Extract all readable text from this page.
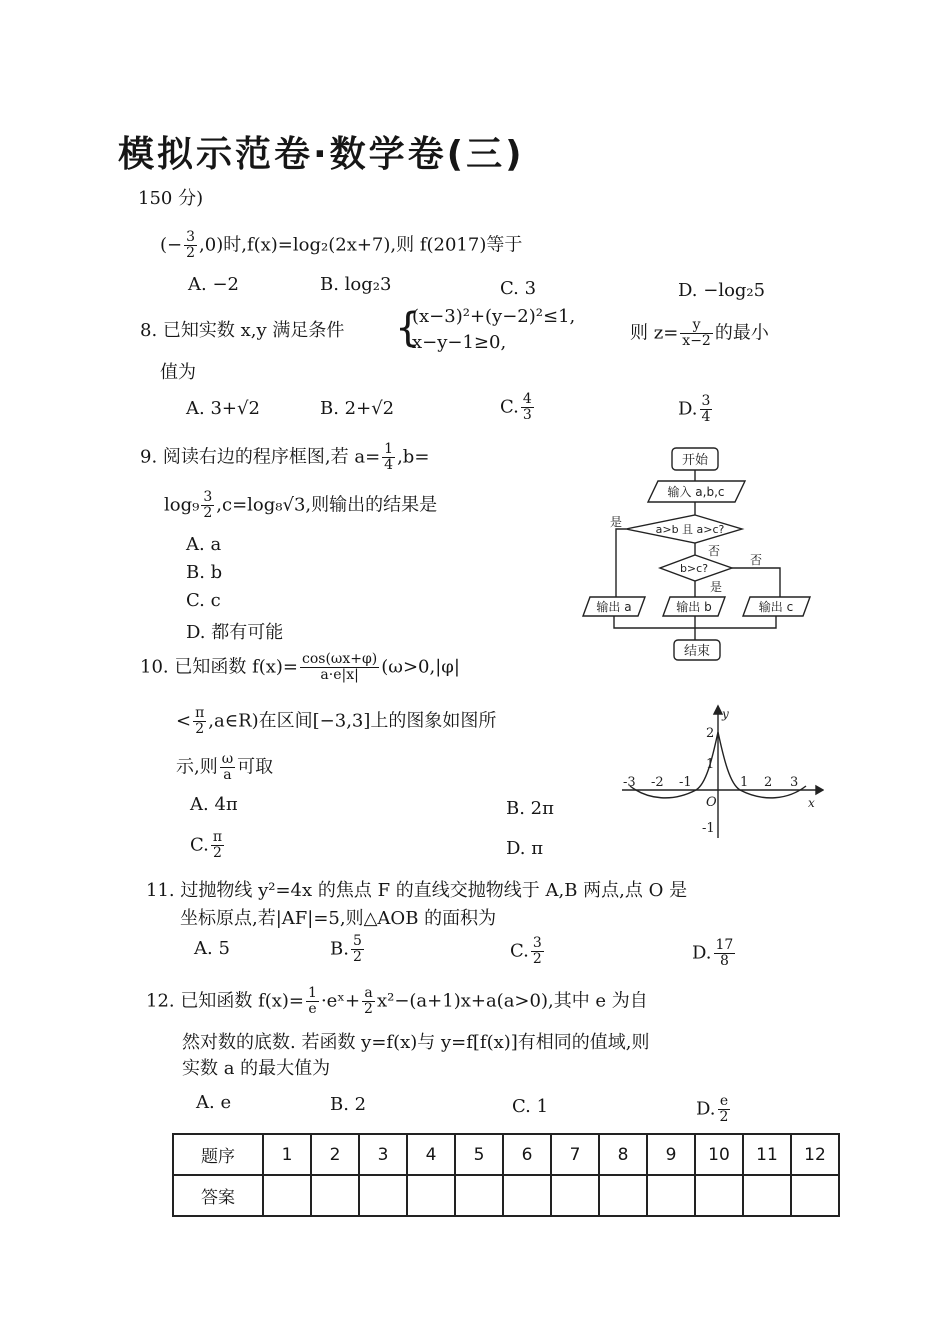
模拟示范卷·数学卷(三)
150 分)
(− $\frac{3}{2} ,0$)时,f(x)=log₂(2x+7),则 f(2017)等于
A. −2	B. log₂3	C. 3	D. −log₂5
8. 已知实数 x,y 满足条件 {
(x−3)²+(y−2)²≤1,
x−y−1≥0,	则 $z= \frac{y}{x-2}$ 的最小
值为
A. 3+√2	B. 2+√2	C. $\frac{4}{3}$	D. $\frac{3}{4}$
9. 阅读右边的程序框图,若 $a= \frac{1}{4} ,b=$
$\log_9 \frac{3}{2} ,c=\log_8√3$,则输出的结果是
A. a
B. b
C. c
D. 都有可能
开始
输入 a,b,c
a>b 且 a>c?
是
否
b>c?
是
否
输出 a	输出 b	输出 c
结束
10. 已知函数 $f(x)= \frac{\cos(\omega x+\varphi)}{a\cdot e|x|} (\omega>0,|\varphi|$
< $\frac{\pi}{2}$ ,a∈R)在区间[−3,3]上的图象如图所
示,则 $\frac{\omega}{a}$ 可取
A. 4π	B. 2π
C. $\frac{\pi}{2}$	D. π
y
x
2
1
-1
-3 -2 -1	1 2 3
O
11. 过抛物线 y²=4x 的焦点 F 的直线交抛物线于 A,B 两点,点 O 是
坐标原点,若|AF|=5,则△AOB 的面积为
A. 5	B. $\frac{5}{2}$	C. $\frac{3}{2}$	D. $\frac{17}{8}$
12. 已知函数 $f(x)= \frac{1}{e}$ ·eˣ+ $\frac{a}{2} x^2-(a+1)x+a(a>0)$,其中 e 为自
然对数的底数. 若函数 y=f(x)与 y=f[f(x)]有相同的值域,则
实数 a 的最大值为
A. e	B. 2	C. 1	D. $\frac{e}{2}$
题序	1	2	3	4	5	6	7	8	9	10	11	12
答案												
